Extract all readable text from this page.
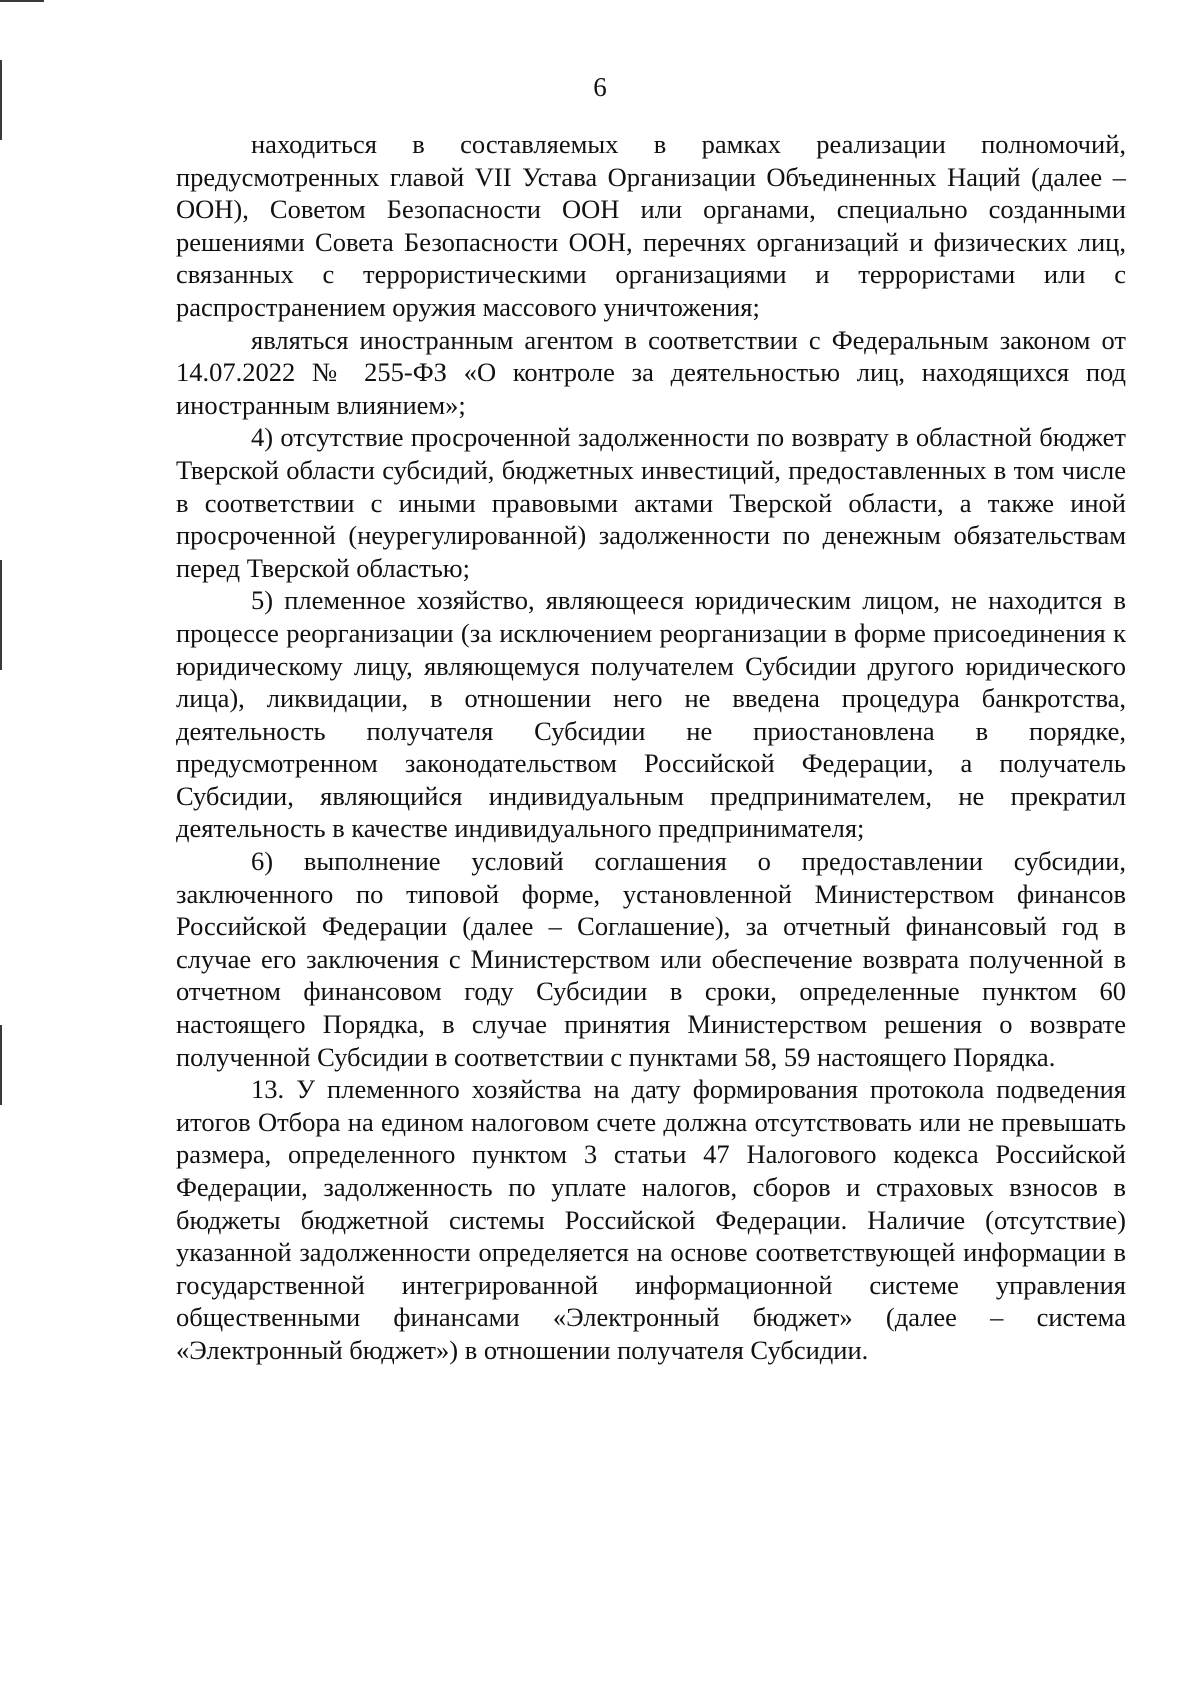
6

находиться в составляемых в рамках реализации полномочий, предусмотренных главой VII Устава Организации Объединенных Наций (далее – ООН), Советом Безопасности ООН или органами, специально созданными решениями Совета Безопасности ООН, перечнях организаций и физических лиц, связанных с террористическими организациями и террористами или с распространением оружия массового уничтожения;

являться иностранным агентом в соответствии с Федеральным законом от 14.07.2022 № 255-ФЗ «О контроле за деятельностью лиц, находящихся под иностранным влиянием»;

4) отсутствие просроченной задолженности по возврату в областной бюджет Тверской области субсидий, бюджетных инвестиций, предоставленных в том числе в соответствии с иными правовыми актами Тверской области, а также иной просроченной (неурегулированной) задолженности по денежным обязательствам перед Тверской областью;

5) племенное хозяйство, являющееся юридическим лицом, не находится в процессе реорганизации (за исключением реорганизации в форме присоединения к юридическому лицу, являющемуся получателем Субсидии другого юридического лица), ликвидации, в отношении него не введена процедура банкротства, деятельность получателя Субсидии не приостановлена в порядке, предусмотренном законодательством Российской Федерации, а получатель Субсидии, являющийся индивидуальным предпринимателем, не прекратил деятельность в качестве индивидуального предпринимателя;

6) выполнение условий соглашения о предоставлении субсидии, заключенного по типовой форме, установленной Министерством финансов Российской Федерации (далее – Соглашение), за отчетный финансовый год в случае его заключения с Министерством или обеспечение возврата полученной в отчетном финансовом году Субсидии в сроки, определенные пунктом 60 настоящего Порядка, в случае принятия Министерством решения о возврате полученной Субсидии в соответствии с пунктами 58, 59 настоящего Порядка.

13. У племенного хозяйства на дату формирования протокола подведения итогов Отбора на едином налоговом счете должна отсутствовать или не превышать размера, определенного пунктом 3 статьи 47 Налогового кодекса Российской Федерации, задолженность по уплате налогов, сборов и страховых взносов в бюджеты бюджетной системы Российской Федерации. Наличие (отсутствие) указанной задолженности определяется на основе соответствующей информации в государственной интегрированной информационной системе управления общественными финансами «Электронный бюджет» (далее – система «Электронный бюджет») в отношении получателя Субсидии.
